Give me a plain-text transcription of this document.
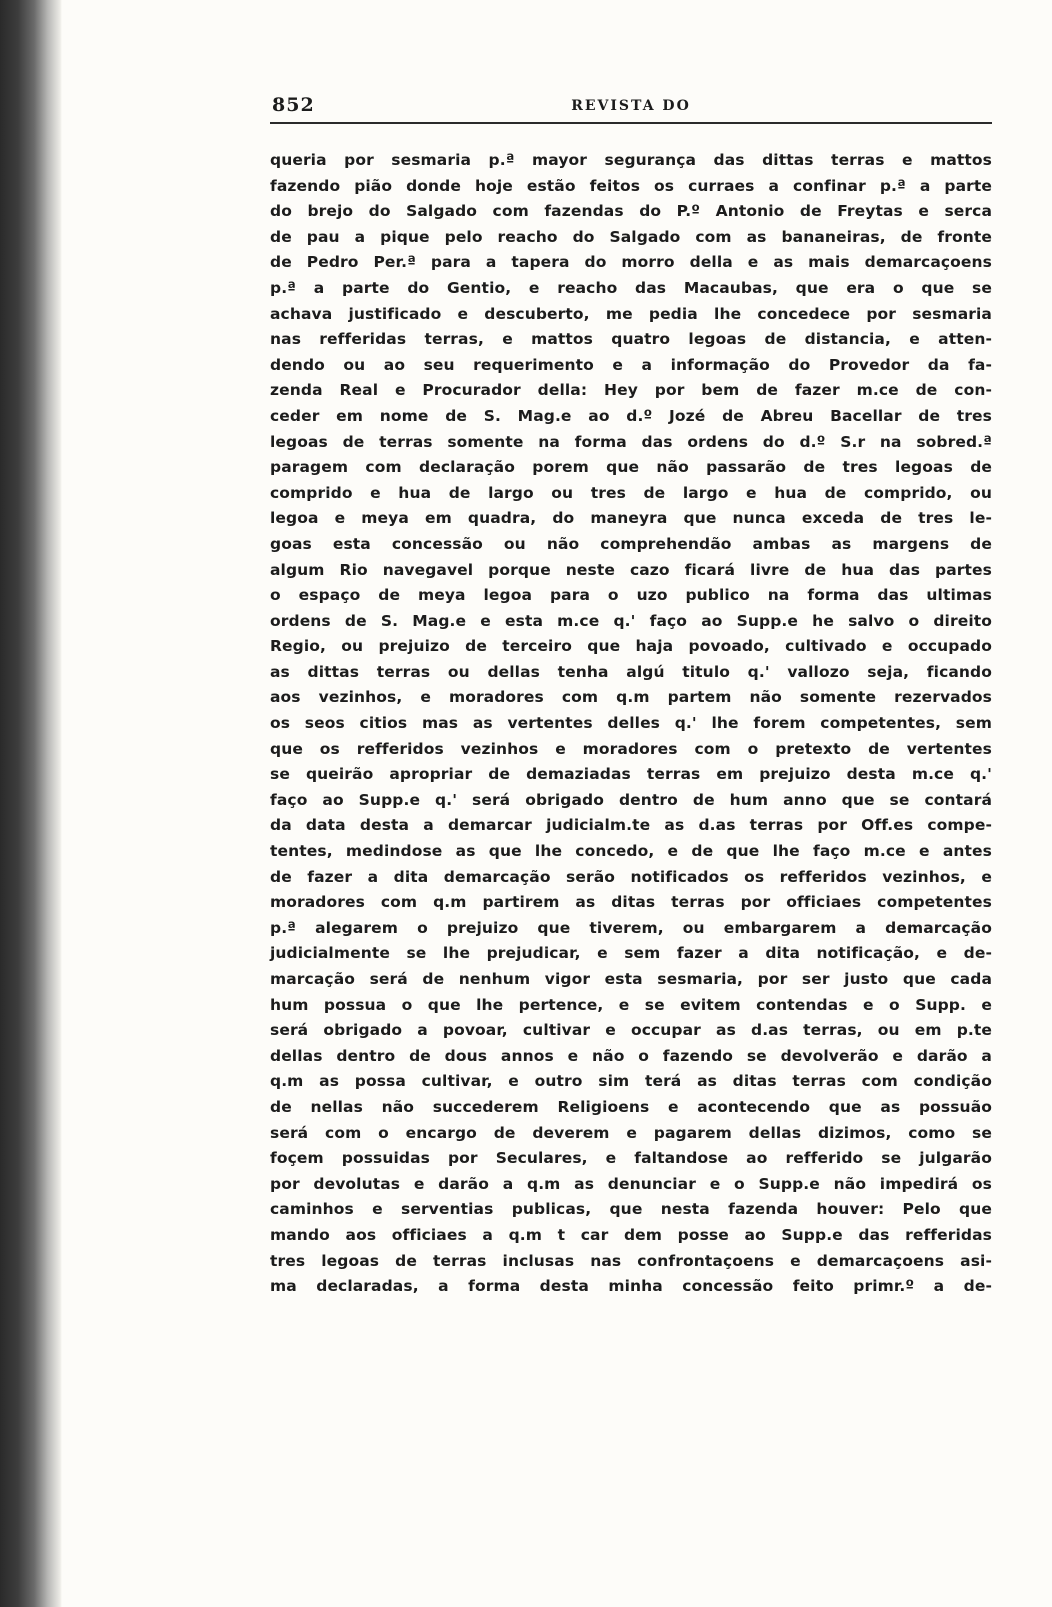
852	REVISTA DO
queria por sesmaria p.ª mayor segurança das dittas terras e mattos
fazendo pião donde hoje estão feitos os curraes a confinar p.ª a parte
do brejo do Salgado com fazendas do P.º Antonio de Freytas e serca
de pau a pique pelo reacho do Salgado com as bananeiras, de fronte
de Pedro Per.ª para a tapera do morro della e as mais demarcaçoens
p.ª a parte do Gentio, e reacho das Macaubas, que era o que se
achava justificado e descuberto, me pedia lhe concedece por sesmaria
nas refferidas terras, e mattos quatro legoas de distancia, e atten-
dendo ou ao seu requerimento e a informação do Provedor da fa-
zenda Real e Procurador della: Hey por bem de fazer m.ce de con-
ceder em nome de S. Mag.e ao d.º Jozé de Abreu Bacellar de tres
legoas de terras somente na forma das ordens do d.º S.r na sobred.ª
paragem com declaração porem que não passarão de tres legoas de
comprido e hua de largo ou tres de largo e hua de comprido, ou
legoa e meya em quadra, do maneyra que nunca exceda de tres le-
goas esta concessão ou não comprehendão ambas as margens de
algum Rio navegavel porque neste cazo ficará livre de hua das partes
o espaço de meya legoa para o uzo publico na forma das ultimas
ordens de S. Mag.e e esta m.ce q.' faço ao Supp.e he salvo o direito
Regio, ou prejuizo de terceiro que haja povoado, cultivado e occupado
as dittas terras ou dellas tenha algú titulo q.' vallozo seja, ficando
aos vezinhos, e moradores com q.m partem não somente rezervados
os seos citios mas as vertentes delles q.' lhe forem competentes, sem
que os refferidos vezinhos e moradores com o pretexto de vertentes
se queirão apropriar de demaziadas terras em prejuizo desta m.ce q.'
faço ao Supp.e q.' será obrigado dentro de hum anno que se contará
da data desta a demarcar judicialm.te as d.as terras por Off.es compe-
tentes, medindose as que lhe concedo, e de que lhe faço m.ce e antes
de fazer a dita demarcação serão notificados os refferidos vezinhos, e
moradores com q.m partirem as ditas terras por officiaes competentes
p.ª alegarem o prejuizo que tiverem, ou embargarem a demarcação
judicialmente se lhe prejudicar, e sem fazer a dita notificação, e de-
marcação será de nenhum vigor esta sesmaria, por ser justo que cada
hum possua o que lhe pertence, e se evitem contendas e o Supp. e
será obrigado a povoar, cultivar e occupar as d.as terras, ou em p.te
dellas dentro de dous annos e não o fazendo se devolverão e darão a
q.m as possa cultivar, e outro sim terá as ditas terras com condição
de nellas não succederem Religioens e acontecendo que as possuão
será com o encargo de deverem e pagarem dellas dizimos, como se
foçem possuidas por Seculares, e faltandose ao refferido se julgarão
por devolutas e darão a q.m as denunciar e o Supp.e não impedirá os
caminhos e serventias publicas, que nesta fazenda houver: Pelo que
mando aos officiaes a q.m t car dem posse ao Supp.e das refferidas
tres legoas de terras inclusas nas confrontaçoens e demarcaçoens asi-
ma declaradas, a forma desta minha concessão feito primr.º a de-
